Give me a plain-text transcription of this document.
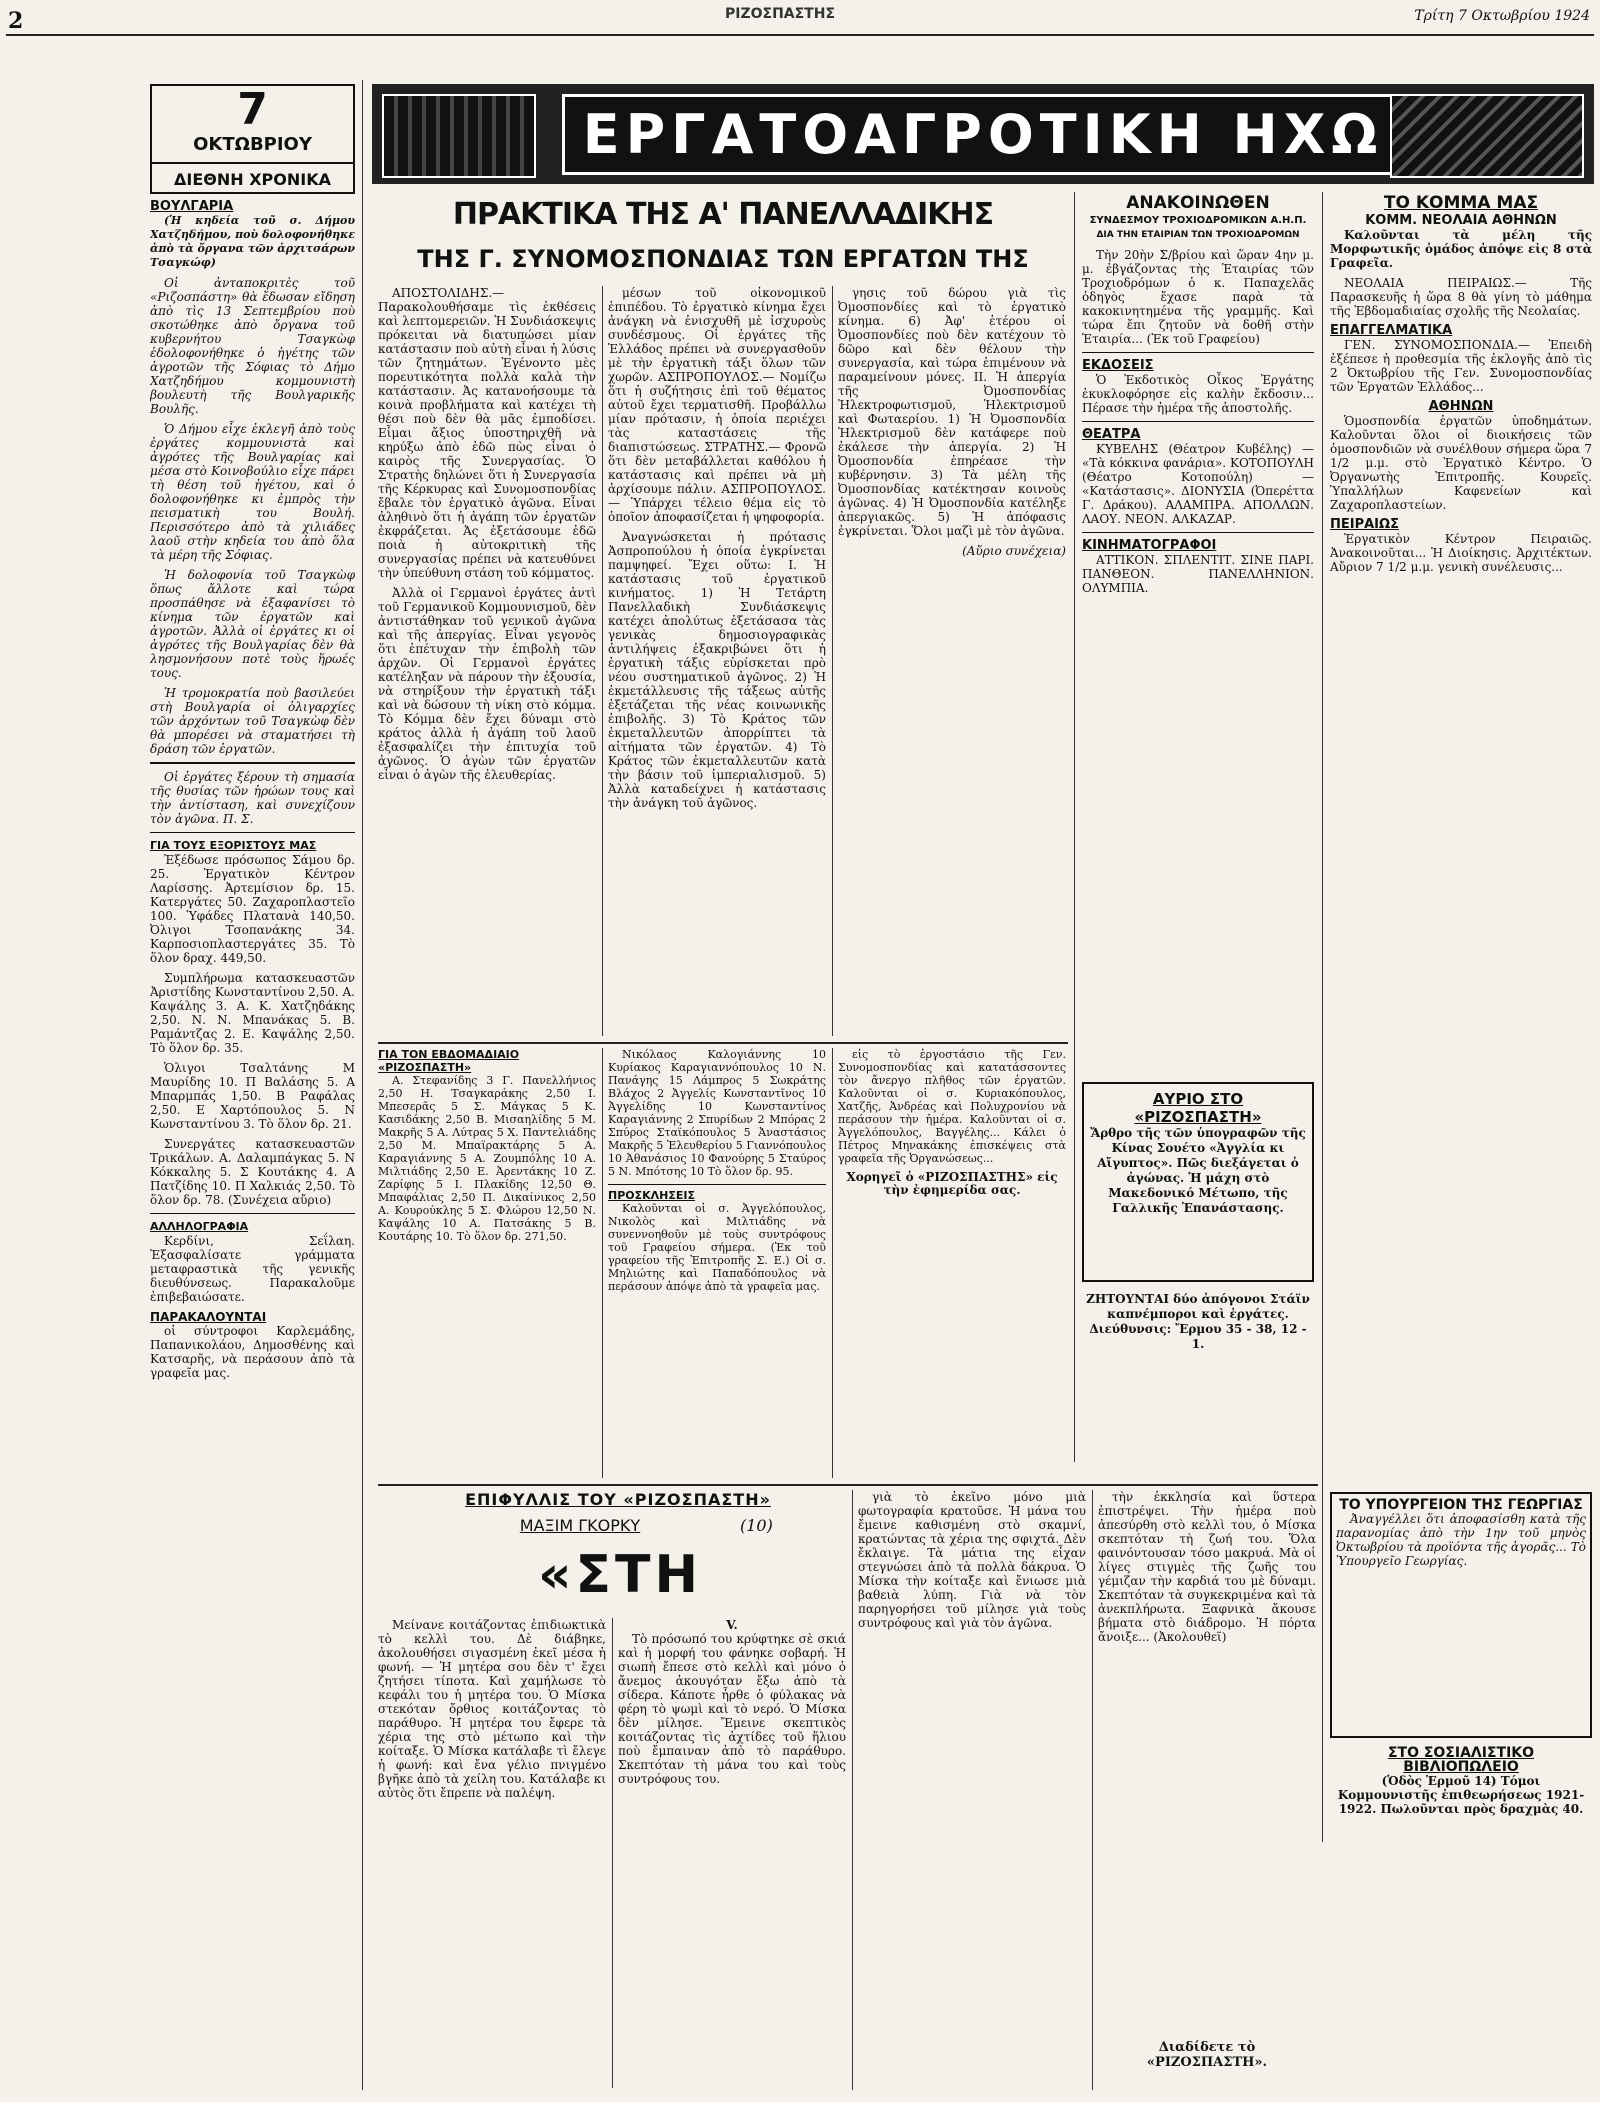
2	ΡΙΖΟΣΠΑΣΤΗΣ	Τρίτη 7 Οκτωβρίου 1924
7
ΟΚΤΩΒΡΙΟΥ
ΔΙΕΘΝΗ ΧΡΟΝΙΚΑ
ΒΟΥΛΓΑΡΙΑ

(Ἡ κηδεία τοῦ σ. Δήμου Χατζηδήμου, ποὺ δολοφονήθηκε ἀπὸ τὰ ὄργανα τῶν ἀρχιτσάρων Τσαγκώφ)

Οἱ ἀνταποκριτὲς τοῦ «Ριζοσπάστη» θὰ ἔδωσαν εἴδηση ἀπὸ τὶς 13 Σεπτεμβρίου ποὺ σκοτώθηκε ἀπὸ ὄργανα τοῦ κυβερνήτου Τσαγκὼφ ἐδολοφονήθηκε ὁ ἡγέτης τῶν ἀγροτῶν τῆς Σόφιας τὸ Δήμο Χατζηδήμου κομμουνιστὴ βουλευτὴ τῆς Βουλγαρικῆς Βουλῆς.

Ὁ Δήμου εἶχε ἐκλεγῆ ἀπὸ τοὺς ἐργάτες κομμουνιστὰ καὶ ἀγρότες τῆς Βουλγαρίας καὶ μέσα στὸ Κοινοβούλιο εἶχε πάρει τὴ θέση τοῦ ἡγέτου, καὶ ὁ δολοφονήθηκε κι ἐμπρὸς τὴν πεισματικὴ του Βουλή. Περισσότερο ἀπὸ τὰ χιλιάδες λαοῦ στὴν κηδεία του ἀπὸ ὅλα τὰ μέρη τῆς Σόφιας.

Ἡ δολοφονία τοῦ Τσαγκὼφ ὅπως ἄλλοτε καὶ τώρα προσπάθησε νὰ ἐξαφανίσει τὸ κίνημα τῶν ἐργατῶν καὶ ἀγροτῶν. Ἀλλὰ οἱ ἐργάτες κι οἱ ἀγρότες τῆς Βουλγαρίας δὲν θὰ λησμονήσουν ποτὲ τοὺς ἥρωές τους.

Ἡ τρομοκρατία ποὺ βασιλεύει στὴ Βουλγαρία οἱ ὀλιγαρχίες τῶν ἀρχόντων τοῦ Τσαγκὼφ δὲν θὰ μπορέσει νὰ σταματήσει τὴ δράση τῶν ἐργατῶν.

Οἱ ἐργάτες ξέρουν τὴ σημασία τῆς θυσίας τῶν ἡρώων τους καὶ τὴν ἀντίσταση, καὶ συνεχίζουν τὸν ἀγῶνα. Π. Σ.

ΓΙΑ ΤΟΥΣ ΕΞΟΡΙΣΤΟΥΣ ΜΑΣ

Ἐξέδωσε πρόσωπος Σάμου δρ. 25. Ἐργατικὸν Κέντρον Λαρίσσης. Ἀρτεμίσιον δρ. 15. Κατεργάτες 50. Ζαχαροπλαστεῖο 100. Ὑφάδες Πλατανὰ 140,50. Ὀλιγοι Τσοπανάκης 34. Καρποσιοπλαστεργάτες 35. Τὸ ὅλον δραχ. 449,50.

Συμπλήρωμα κατασκευαστῶν Ἀριστίδης Κωνσταντίνου 2,50. Α. Καψάλης 3. Α. Κ. Χατζηδάκης 2,50. Ν. Ν. Μπανάκας 5. Β. Ραμάντζας 2. Ε. Καψάλης 2,50. Τὸ ὅλον δρ. 35.

Ὁλιγοι Τσαλτάνης Μ Μαυρίδης 10. Π Βαλάσης 5. Α Μπαρμπάς 1,50. Β Ραφάλας 2,50. Ε Χαρτόπουλος 5. Ν Κωνσταντίνου 3. Τὸ ὅλον δρ. 21.

Συνεργάτες κατασκευαστῶν Τρικάλων. Α. Δαλαμπάγκας 5. Ν Κόκκαλης 5. Σ Κουτάκης 4. Α Πατζίδης 10. Π Χαλκιάς 2,50. Τὸ ὅλον δρ. 78. (Συνέχεια αὔριο)

ΑΛΛΗΛΟΓΡΑΦΙΑ

Κερδίνι, Σεΐλαη. Ἐξασφαλίσατε γράμματα μεταφραστικὰ τῆς γενικῆς διευθύνσεως. Παρακαλοῦμε ἐπιβεβαιώσατε.

ΠΑΡΑΚΑΛΟΥΝΤΑΙ

οἱ σύντροφοι Καρλεμάδης, Παπανικολάου, Δημοσθένης καὶ Κατσαρῆς, νὰ περάσουν ἀπὸ τὰ γραφεῖα μας.

ΕΡΓΑΤΟΑΓΡΟΤΙΚΗ ΗΧΩ
ΠΡΑΚΤΙΚΑ ΤΗΣ Α' ΠΑΝΕΛΛΑΔΙΚΗΣ
ΤΗΣ Γ. ΣΥΝΟΜΟΣΠΟΝΔΙΑΣ ΤΩΝ ΕΡΓΑΤΩΝ ΤΗΣ

ΑΠΟΣΤΟΛΙΔΗΣ.— Παρακολουθήσαμε τὶς ἐκθέσεις καὶ λεπτομερειῶν. Ἡ Συνδιάσκεψις πρόκειται νὰ διατυπώσει μίαν κατάστασιν ποὺ αὐτὴ εἶναι ἡ λύσις τῶν ζητημάτων. Ἐγένοντο μὲς πορευτικότητα πολλὰ καλὰ τὴν κατάστασιν. Ἀς κατανοήσουμε τὰ κοινὰ προβλήματα καὶ κατέχει τὴ θέσι ποὺ δὲν θὰ μᾶς ἐμποδίσει. Εἶμαι ἄξιος ὑποστηριχθῆ νὰ κηρύξω ἀπὸ ἐδῶ πὼς εἶναι ὁ καιρὸς τῆς Συνεργασίας. Ὁ Στρατὴς δηλώνει ὅτι ἡ Συνεργασία τῆς Κέρκυρας καὶ Συνομοσπονδίας ἔβαλε τὸν ἐργατικὸ ἀγῶνα. Εἶναι ἀληθινὸ ὅτι ἡ ἀγάπη τῶν ἐργατῶν ἐκφράζεται. Ἀς ἐξετάσουμε ἐδῶ ποιὰ ἡ αὐτοκριτικὴ τῆς συνεργασίας πρέπει νὰ κατευθύνει τὴν ὑπεύθυνη στάση τοῦ κόμματος.

Ἀλλὰ οἱ Γερμανοὶ ἐργάτες ἀντὶ τοῦ Γερμανικοῦ Κομμουνισμοῦ, δὲν ἀντιστάθηκαν τοῦ γενικοῦ ἀγῶνα καὶ τῆς ἀπεργίας. Εἶναι γεγονὸς ὅτι ἐπέτυχαν τὴν ἐπιβολὴ τῶν ἀρχῶν. Οἱ Γερμανοὶ ἐργάτες κατέληξαν νὰ πάρουν τὴν ἐξουσία, νὰ στηρίξουν τὴν ἐργατικὴ τάξι καὶ νὰ δώσουν τὴ νίκη στὸ κόμμα. Τὸ Κόμμα δὲν ἔχει δύναμι στὸ κράτος ἀλλὰ ἡ ἀγάπη τοῦ λαοῦ ἐξασφαλίζει τὴν ἐπιτυχία τοῦ ἀγῶνος. Ὁ ἀγὼν τῶν ἐργατῶν εἶναι ὁ ἀγὼν τῆς ἐλευθερίας.

μέσων τοῦ οἰκονομικοῦ ἐπιπέδου. Τὸ ἐργατικὸ κίνημα ἔχει ἀνάγκη νὰ ἐνισχυθῆ μὲ ἰσχυροὺς συνδέσμους. Οἱ ἐργάτες τῆς Ἑλλάδος πρέπει νὰ συνεργασθοῦν μὲ τὴν ἐργατικὴ τάξι ὅλων τῶν χωρῶν. ΑΣΠΡΟΠΟΥΛΟΣ.— Νομίζω ὅτι ἡ συζήτησις ἐπὶ τοῦ θέματος αὐτοῦ ἔχει τερματισθῆ. Προβάλλω μίαν πρότασιν, ἡ ὁποία περιέχει τὰς καταστάσεις τῆς διαπιστώσεως. ΣΤΡΑΤΗΣ.— Φρονῶ ὅτι δὲν μεταβάλλεται καθόλου ἡ κατάστασις καὶ πρέπει νὰ μὴ ἀρχίσουμε πάλιν. ΑΣΠΡΟΠΟΥΛΟΣ.— Ὑπάρχει τέλειο θέμα εἰς τὸ ὁποῖον ἀποφασίζεται ἡ ψηφοφορία.

Ἀναγνώσκεται ἡ πρότασις Ἀσπροπούλου ἡ ὁποία ἐγκρίνεται παμψηφεί. Ἔχει οὕτω: Ι. Ἡ κατάστασις τοῦ ἐργατικοῦ κινήματος. 1) Ἡ Τετάρτη Πανελλαδικὴ Συνδιάσκεψις κατέχει ἀπολύτως ἐξετάσασα τὰς γενικὰς δημοσιογραφικὰς ἀντιλήψεις ἐξακριβώνει ὅτι ἡ ἐργατικὴ τάξις εὑρίσκεται πρὸ νέου συστηματικοῦ ἀγῶνος. 2) Ἡ ἐκμετάλλευσις τῆς τάξεως αὐτῆς ἐξετάζεται τῆς νέας κοινωνικῆς ἐπιβολῆς. 3) Τὸ Κράτος τῶν ἐκμεταλλευτῶν ἀπορρίπτει τὰ αἰτήματα τῶν ἐργατῶν. 4) Τὸ Κράτος τῶν ἐκμεταλλευτῶν κατὰ τὴν βάσιν τοῦ ἱμπεριαλισμοῦ. 5) Ἀλλὰ καταδείχνει ἡ κατάστασις τὴν ἀνάγκη τοῦ ἀγῶνος.

γησις τοῦ δώρου γιὰ τὶς Ὀμοσπονδίες καὶ τὸ ἐργατικὸ κίνημα. 6) Ἀφ' ἑτέρου οἱ Ὀμοσπονδίες ποὺ δὲν κατέχουν τὸ δῶρο καὶ δὲν θέλουν τὴν συνεργασία, καὶ τώρα ἐπιμένουν νὰ παραμείνουν μόνες. ΙΙ. Ἡ ἀπεργία τῆς Ὀμοσπονδίας Ἠλεκτροφωτισμοῦ, Ἡλεκτρισμοῦ καὶ Φωταερίου. 1) Ἡ Ὀμοσπονδία Ἠλεκτρισμοῦ δὲν κατάφερε ποὺ ἐκάλεσε τὴν ἀπεργία. 2) Ἡ Ὀμοσπονδία ἐπηρέασε τὴν κυβέρνησιν. 3) Τὰ μέλη τῆς Ὀμοσπονδίας κατέκτησαν κοινοὺς ἀγῶνας. 4) Ἡ Ὀμοσπονδία κατέληξε ἀπεργιακῶς. 5) Ἡ ἀπόφασις ἐγκρίνεται. Ὅλοι μαζὶ μὲ τὸν ἀγῶνα.

(Αὔριο συνέχεια)
ΑΝΑΚΟΙΝΩΘΕΝ
ΣΥΝΔΕΣΜΟΥ ΤΡΟΧΙΟΔΡΟΜΙΚΩΝ Α.Η.Π.
ΔΙΑ ΤΗΝ ΕΤΑΙΡΙΑΝ ΤΩΝ ΤΡΟΧΙΟΔΡΟΜΩΝ

Τὴν 20ὴν Σ/βρίου καὶ ὥραν 4ην μ. μ. ἐβγάζοντας τὴς Ἑταιρίας τῶν Τροχιοδρόμων ὁ κ. Παπαχελᾶς ὁδηγὸς ἔχασε παρὰ τὰ κακοκινητημένα τῆς γραμμῆς. Καὶ τώρα ἔπι ζητοῦν νὰ δοθῆ στὴν Ἑταιρία... (Ἐκ τοῦ Γραφείου)

ΕΚΔΟΣΕΙΣ

Ὁ Ἐκδοτικὸς Οἶκος Ἐργάτης ἐκυκλοφόρησε εἰς καλὴν ἔκδοσιν... Πέρασε τὴν ἡμέρα τῆς ἀποστολῆς.

ΘΕΑΤΡΑ

ΚΥΒΕΛΗΣ (Θέατρον Κυβέλης) — «Τὰ κόκκινα φανάρια». ΚΟΤΟΠΟΥΛΗ (Θέατρο Κοτοπούλη) — «Κατάστασις». ΔΙΟΝΥΣΙΑ (Ὀπερέττα Γ. Δράκου). ΑΛΑΜΠΡΑ. ΑΠΟΛΛΩΝ. ΛΑΟΥ. ΝΕΟΝ. ΑΛΚΑΖΑΡ.

ΚΙΝΗΜΑΤΟΓΡΑΦΟΙ

ΑΤΤΙΚΟΝ. ΣΠΛΕΝΤΙΤ. ΣΙΝΕ ΠΑΡΙ. ΠΑΝΘΕΟΝ. ΠΑΝΕΛΛΗΝΙΟΝ. ΟΛΥΜΠΙΑ.

ΑΥΡΙΟ ΣΤΟ «ΡΙΖΟΣΠΑΣΤΗ»

Ἄρθρο τῆς τῶν ὑπογραφῶν τῆς Κίνας Σουέτο «Ἀγγλία κι Αἴγυπτος». Πῶς διεξάγεται ὁ ἀγώνας. Ἡ μάχη στὸ Μακεδονικό Μέτωπο, τῆς Γαλλικῆς Ἐπανάστασης.

ΖΗΤΟΥΝΤΑΙ δύο ἀπόγονοι Στάϊν καπνέμποροι καὶ ἐργάτες. Διεύθυνσις: Ἔρμου 35 - 38, 12 - 1.
ΤΟ ΚΟΜΜΑ ΜΑΣ
ΚΟΜΜ. ΝΕΟΛΑΙΑ ΑΘΗΝΩΝ

Καλοῦνται τὰ μέλη τῆς Μορφωτικῆς ὁμάδος ἀπόψε εἰς 8 στὰ Γραφεῖα.

ΝΕΟΛΑΙΑ ΠΕΙΡΑΙΩΣ.— Τῆς Παρασκευῆς ἡ ὥρα 8 θὰ γίνη τὸ μάθημα τῆς Ἑβδομαδιαίας σχολῆς τῆς Νεολαίας.

ΕΠΑΓΓΕΛΜΑΤΙΚΑ

ΓΕΝ. ΣΥΝΟΜΟΣΠΟΝΔΙΑ.— Ἐπειδὴ ἐξέπεσε ἡ προθεσμία τῆς ἐκλογῆς ἀπὸ τὶς 2 Ὀκτωβρίου τῆς Γεν. Συνομοσπονδίας τῶν Ἐργατῶν Ἑλλάδος...

ΑΘΗΝΩΝ

Ὁμοσπονδία ἐργατῶν ὑποδημάτων. Καλοῦνται ὅλοι οἱ διοικήσεις τῶν ὁμοσπονδιῶν νὰ συνέλθουν σήμερα ὥρα 7 1/2 μ.μ. στὸ Ἐργατικὸ Κέντρο. Ὁ Ὀργανωτὴς Ἐπιτροπῆς. Κουρεῖς. Ὑπαλλήλων Καφενείων καὶ Ζαχαροπλαστείων.

ΠΕΙΡΑΙΩΣ

Ἐργατικὸν Κέντρον Πειραιῶς. Ἀνακοινοῦται... Ἡ Διοίκησις. Ἀρχιτέκτων. Αὔριον 7 1/2 μ.μ. γενικὴ συνέλευσις...

ΤΟ ΥΠΟΥΡΓΕΙΟΝ ΤΗΣ ΓΕΩΡΓΙΑΣ

Ἀναγγέλλει ὅτι ἀποφασίσθη κατὰ τῆς παρανομίας ἀπὸ τὴν 1ην τοῦ μηνὸς Ὀκτωβρίου τὰ προϊόντα τῆς ἀγορᾶς... Τὸ Ὑπουργεῖο Γεωργίας.

ΣΤΟ ΣΟΣΙΑΛΙΣΤΙΚΟ ΒΙΒΛΙΟΠΩΛΕΙΟ

(Ὁδὸς Ἑρμοῦ 14) Τόμοι Κομμουνιστῆς ἐπιθεωρήσεως 1921-1922. Πωλοῦνται πρὸς δραχμὰς 40.

ΓΙΑ ΤΟΝ ΕΒΔΟΜΑΔΙΑΙΟ «ΡΙΖΟΣΠΑΣΤΗ»

Α. Στεφανίδης 3 Γ. Πανελλήνιος 2,50 Η. Τσαγκαράκης 2,50 Ι. Μπεσερᾶς 5 Σ. Μάγκας 5 Κ. Κασιδάκης 2,50 Β. Μισαηλίδης 5 Μ. Μακρῆς 5 Α. Λύτρας 5 Χ. Παντελιάδης 2,50 Μ. Μπαϊρακτάρης 5 Α. Καραγιάννης 5 Α. Ζουμπόλης 10 Α. Μιλτιάδης 2,50 Ε. Ἀρεντάκης 10 Ζ. Ζαρίφης 5 Ι. Πλακίδης 12,50 Θ. Μπαφάλιας 2,50 Π. Δικαίνικος 2,50 Α. Κουρούκλης 5 Σ. Φλώρου 12,50 Ν. Καψάλης 10 Α. Πατσάκης 5 Β. Κουτάρης 10. Τὸ ὅλον δρ. 271,50.

Νικόλαος Καλογιάννης 10 Κυρίακος Καραγιαννόπουλος 10 Ν. Πανάγης 15 Λάμπρος 5 Σωκράτης Βλάχος 2 Ἀγγελίς Κωνσταντῖνος 10 Ἀγγελίδης 10 Κωνσταντίνος Καραγιάννης 2 Σπυρίδων 2 Μπόρας 2 Σπύρος Σταϊκόπουλος 5 Ἀναστάσιος Μακρῆς 5 Ἐλευθερίου 5 Γιαννόπουλος 10 Ἀθανάσιος 10 Φανούρης 5 Σταύρος 5 Ν. Μπότσης 10 Τὸ ὅλον δρ. 95.

ΠΡΟΣΚΛΗΣΕΙΣ

Καλοῦνται οἱ σ. Ἀγγελόπουλος, Νικολὸς καὶ Μιλτιάδης νὰ συνεννοηθοῦν μὲ τοὺς συντρόφους τοῦ Γραφείου σήμερα. (Ἐκ τοῦ γραφείου τῆς Ἐπιτροπῆς Σ. Ε.) Οἱ σ. Μηλιώτης καὶ Παπαδόπουλος νὰ περάσουν ἀπόψε ἀπὸ τὰ γραφεῖα μας.

εἰς τὸ ἐργοστάσιο τῆς Γεν. Συνομοσπονδίας καὶ κατατάσσοντες τὸν ἄνεργο πλῆθος τῶν ἐργατῶν. Καλοῦνται οἱ σ. Κυριακόπουλος, Χατζῆς, Ἀνδρέας καὶ Πολυχρονίου νὰ περάσουν τὴν ἡμέρα. Καλοῦνται οἱ σ. Ἀγγελόπουλος, Βαγγέλης... Κάλει ὁ Πέτρος Μηνακάκης ἐπισκέψεις στὰ γραφεῖα τῆς Ὀργανώσεως...

Χορηγεῖ ὁ «ΡΙΖΟΣΠΑΣΤΗΣ» εἰς τὴν ἐφημερίδα σας.
ΕΠΙΦΥΛΛΙΣ ΤΟΥ «ΡΙΖΟΣΠΑΣΤΗ»
ΜΑΞΙΜ ΓΚΟΡΚΥ	(10)
«ΣΤΗ

Μείνανε κοιτάζοντας ἐπιδιωκτικὰ τὸ κελλὶ του. Δὲ διάβηκε, ἀκολουθήσει σιγασμένη ἐκεῖ μέσα ἡ φωνή. — Ἡ μητέρα σου δὲν τ' ἔχει ζητήσει τίποτα. Καὶ χαμήλωσε τὸ κεφάλι του ἡ μητέρα του. Ὁ Μίσκα στεκόταν ὄρθιος κοιτάζοντας τὸ παράθυρο. Ἡ μητέρα του ἔφερε τὰ χέρια της στὸ μέτωπο καὶ τὴν κοίταξε. Ὁ Μίσκα κατάλαβε τὶ ἔλεγε ἡ φωνή: καὶ ἔνα γέλιο πνιγμένο βγῆκε ἀπὸ τὰ χείλη του. Κατάλαβε κι αὐτὸς ὅτι ἔπρεπε νὰ παλέψη.

V.

Τὸ πρόσωπό του κρύφτηκε σὲ σκιά καὶ ἡ μορφή του φάνηκε σοβαρή. Ἡ σιωπὴ ἔπεσε στὸ κελλὶ καὶ μόνο ὁ ἄνεμος ἀκουγόταν ἔξω ἀπὸ τὰ σίδερα. Κάποτε ἦρθε ὁ φύλακας νὰ φέρη τὸ ψωμὶ καὶ τὸ νερό. Ὁ Μίσκα δὲν μίλησε. Ἔμεινε σκεπτικὸς κοιτάζοντας τὶς ἀχτίδες τοῦ ἥλιου ποὺ ἔμπαιναν ἀπὸ τὸ παράθυρο. Σκεπτόταν τὴ μάνα του καὶ τοὺς συντρόφους του.

γιὰ τὸ ἐκεῖνο μόνο μιὰ φωτογραφία κρατοῦσε. Ἡ μάνα του ἔμεινε καθισμένη στὸ σκαμνί, κρατώντας τὰ χέρια της σφιχτά. Δὲν ἔκλαιγε. Τὰ μάτια της εἶχαν στεγνώσει ἀπὸ τὰ πολλὰ δάκρυα. Ὁ Μίσκα τὴν κοίταξε καὶ ἔνιωσε μιὰ βαθειὰ λύπη. Γιὰ νὰ τὸν παρηγορήσει τοῦ μίλησε γιὰ τοὺς συντρόφους καὶ γιὰ τὸν ἀγῶνα.

τὴν ἐκκλησία καὶ ὕστερα ἐπιστρέψει. Τὴν ἡμέρα ποὺ ἀπεσύρθη στὸ κελλὶ του, ὁ Μίσκα σκεπτόταν τὴ ζωή του. Ὅλα φαινόντουσαν τόσο μακρυά. Μὰ οἱ λίγες στιγμὲς τῆς ζωῆς του γέμιζαν τὴν καρδιά του μὲ δύναμι. Σκεπτόταν τὰ συγκεκριμένα καὶ τὰ ἀνεκπλήρωτα. Ξαφνικὰ ἄκουσε βήματα στὸ διάδρομο. Ἡ πόρτα ἄνοιξε... (Ἀκολουθεῖ)

Διαδίδετε τὸ «ΡΙΖΟΣΠΑΣΤΗ».
